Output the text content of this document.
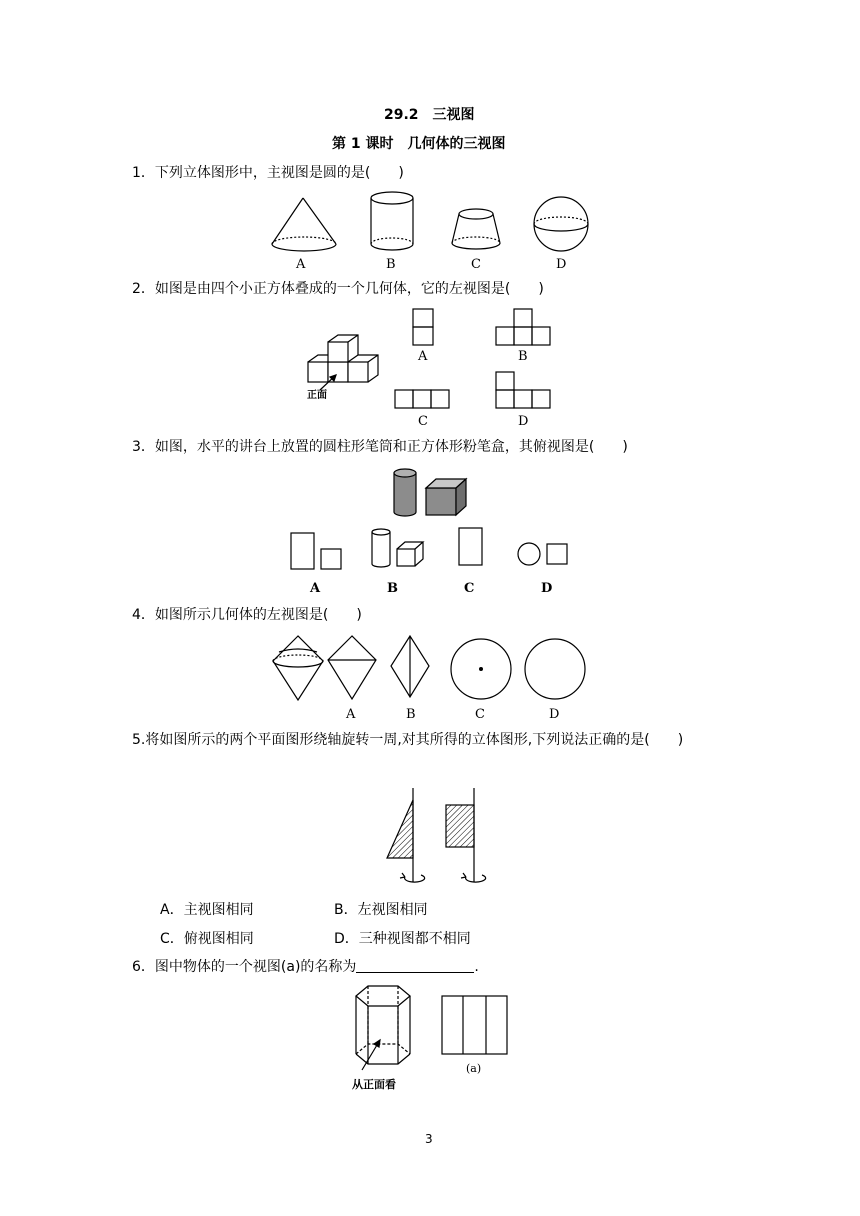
29.2　三视图
第 1 课时　几何体的三视图
1．下列立体图形中，主视图是圆的是(　　)
A	B	C	D
2．如图是由四个小正方体叠成的一个几何体，它的左视图是(　　)
正面
A	B
C	D
3．如图，水平的讲台上放置的圆柱形笔筒和正方体形粉笔盒，其俯视图是(　　)
A	B	C	D
4．如图所示几何体的左视图是(　　)
A	B	C	D
5.将如图所示的两个平面图形绕轴旋转一周,对其所得的立体图形,下列说法正确的是(　　)
A．主视图相同	B．左视图相同
C．俯视图相同	D．三种视图都不相同
6．图中物体的一个视图(a)的名称为	.
从正面看
(a)
3
